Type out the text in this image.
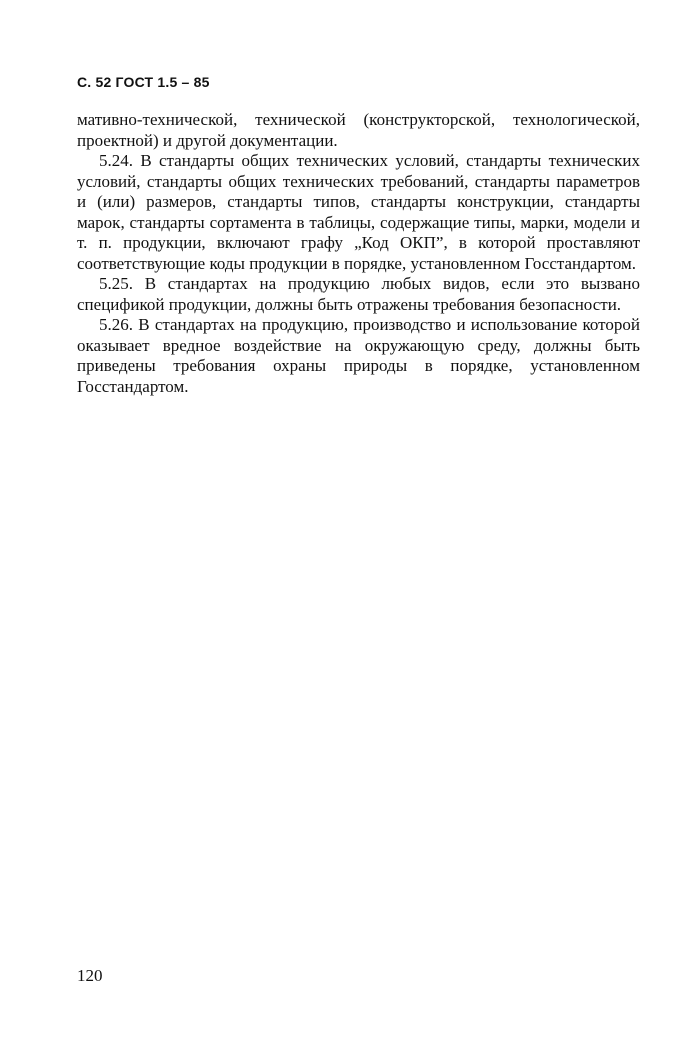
С. 52 ГОСТ 1.5 – 85

мативно-технической, технической (конструкторской, технологической, проектной) и другой документации.

5.24. В стандарты общих технических условий, стандарты технических условий, стандарты общих технических требований, стандарты параметров и (или) размеров, стандарты типов, стандарты конструкции, стандарты марок, стандарты сортамента в таблицы, содержащие типы, марки, модели и т. п. продукции, включают графу „Код ОКП”, в которой проставляют соответствующие коды продукции в порядке, установленном Госстандартом.

5.25. В стандартах на продукцию любых видов, если это вызвано спецификой продукции, должны быть отражены требования безопасности.

5.26. В стандартах на продукцию, производство и использование которой оказывает вредное воздействие на окружающую среду, должны быть приведены требования охраны природы в порядке, установленном Госстандартом.

120
